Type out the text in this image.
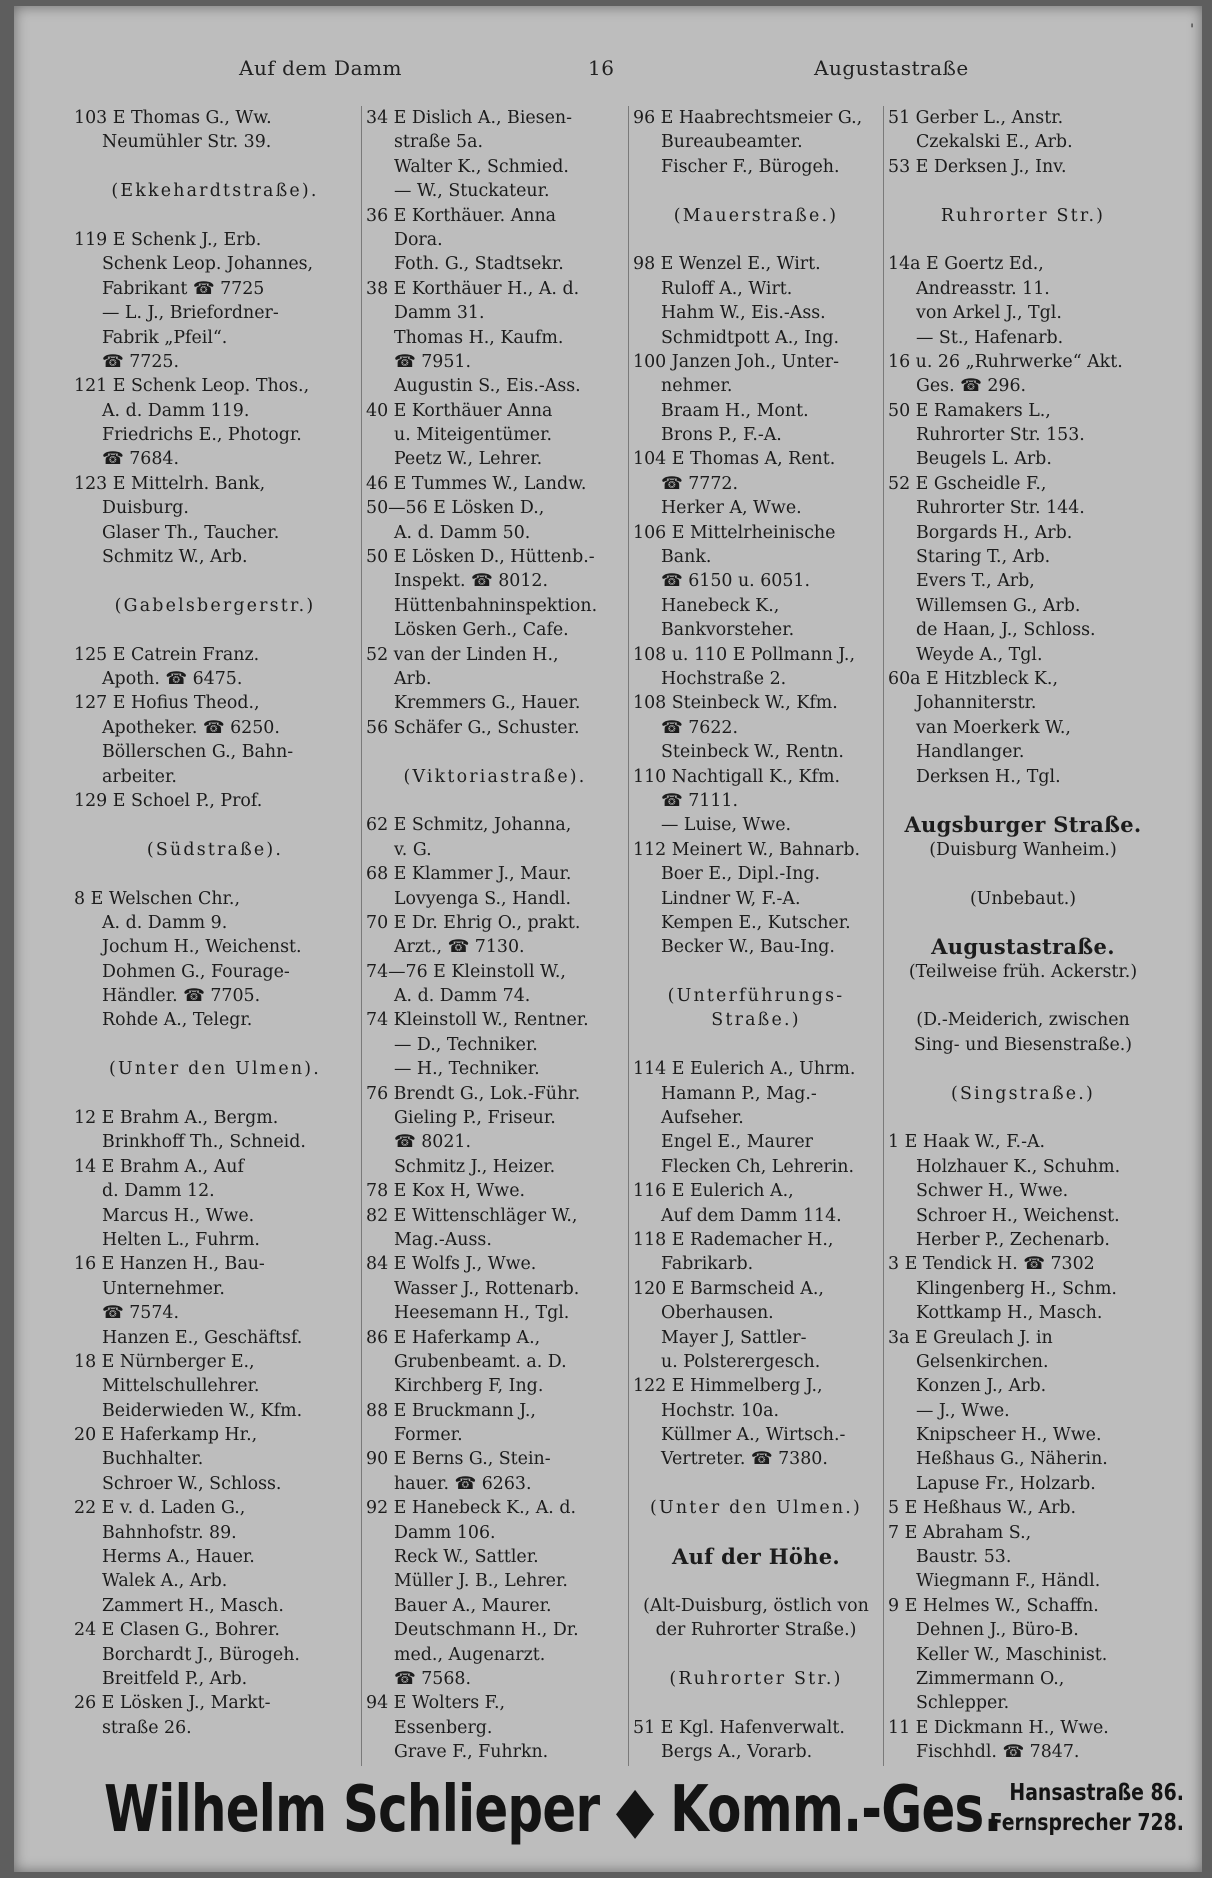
'
Auf dem Damm	16	Augustastraße
103 E Thomas G., Ww.
Neumühler Str. 39.
(Ekkehardtstraße).
119 E Schenk J., Erb.
Schenk Leop. Johannes,
Fabrikant ☎ 7725
— L. J., Briefordner-
Fabrik „Pfeil“.
☎ 7725.
121 E Schenk Leop. Thos.,
A. d. Damm 119.
Friedrichs E., Photogr.
☎ 7684.
123 E Mittelrh. Bank,
Duisburg.
Glaser Th., Taucher.
Schmitz W., Arb.
(Gabelsbergerstr.)
125 E Catrein Franz.
Apoth. ☎ 6475.
127 E Hofius Theod.,
Apotheker. ☎ 6250.
Böllerschen G., Bahn-
arbeiter.
129 E Schoel P., Prof.
(Südstraße).
8 E Welschen Chr.,
A. d. Damm 9.
Jochum H., Weichenst.
Dohmen G., Fourage-
Händler. ☎ 7705.
Rohde A., Telegr.
(Unter den Ulmen).
12 E Brahm A., Bergm.
Brinkhoff Th., Schneid.
14 E Brahm A., Auf
d. Damm 12.
Marcus H., Wwe.
Helten L., Fuhrm.
16 E Hanzen H., Bau-
Unternehmer.
☎ 7574.
Hanzen E., Geschäftsf.
18 E Nürnberger E.,
Mittelschullehrer.
Beiderwieden W., Kfm.
20 E Haferkamp Hr.,
Buchhalter.
Schroer W., Schloss.
22 E v. d. Laden G.,
Bahnhofstr. 89.
Herms A., Hauer.
Walek A., Arb.
Zammert H., Masch.
24 E Clasen G., Bohrer.
Borchardt J., Bürogeh.
Breitfeld P., Arb.
26 E Lösken J., Markt-
straße 26.
34 E Dislich A., Biesen-
straße 5a.
Walter K., Schmied.
— W., Stuckateur.
36 E Korthäuer. Anna
Dora.
Foth. G., Stadtsekr.
38 E Korthäuer H., A. d.
Damm 31.
Thomas H., Kaufm.
☎ 7951.
Augustin S., Eis.-Ass.
40 E Korthäuer Anna
u. Miteigentümer.
Peetz W., Lehrer.
46 E Tummes W., Landw.
50—56 E Lösken D.,
A. d. Damm 50.
50 E Lösken D., Hüttenb.-
Inspekt. ☎ 8012.
Hüttenbahninspektion.
Lösken Gerh., Cafe.
52 van der Linden H.,
Arb.
Kremmers G., Hauer.
56 Schäfer G., Schuster.
(Viktoriastraße).
62 E Schmitz, Johanna,
v. G.
68 E Klammer J., Maur.
Lovyenga S., Handl.
70 E Dr. Ehrig O., prakt.
Arzt., ☎ 7130.
74—76 E Kleinstoll W.,
A. d. Damm 74.
74 Kleinstoll W., Rentner.
— D., Techniker.
— H., Techniker.
76 Brendt G., Lok.-Führ.
Gieling P., Friseur.
☎ 8021.
Schmitz J., Heizer.
78 E Kox H, Wwe.
82 E Wittenschläger W.,
Mag.-Auss.
84 E Wolfs J., Wwe.
Wasser J., Rottenarb.
Heesemann H., Tgl.
86 E Haferkamp A.,
Grubenbeamt. a. D.
Kirchberg F, Ing.
88 E Bruckmann J.,
Former.
90 E Berns G., Stein-
hauer. ☎ 6263.
92 E Hanebeck K., A. d.
Damm 106.
Reck W., Sattler.
Müller J. B., Lehrer.
Bauer A., Maurer.
Deutschmann H., Dr.
med., Augenarzt.
☎ 7568.
94 E Wolters F.,
Essenberg.
Grave F., Fuhrkn.
96 E Haabrechtsmeier G.,
Bureaubeamter.
Fischer F., Bürogeh.
(Mauerstraße.)
98 E Wenzel E., Wirt.
Ruloff A., Wirt.
Hahm W., Eis.-Ass.
Schmidtpott A., Ing.
100 Janzen Joh., Unter-
nehmer.
Braam H., Mont.
Brons P., F.-A.
104 E Thomas A, Rent.
☎ 7772.
Herker A, Wwe.
106 E Mittelrheinische
Bank.
☎ 6150 u. 6051.
Hanebeck K.,
Bankvorsteher.
108 u. 110 E Pollmann J.,
Hochstraße 2.
108 Steinbeck W., Kfm.
☎ 7622.
Steinbeck W., Rentn.
110 Nachtigall K., Kfm.
☎ 7111.
— Luise, Wwe.
112 Meinert W., Bahnarb.
Boer E., Dipl.-Ing.
Lindner W, F.-A.
Kempen E., Kutscher.
Becker W., Bau-Ing.
(Unterführungs-
Straße.)
114 E Eulerich A., Uhrm.
Hamann P., Mag.-
Aufseher.
Engel E., Maurer
Flecken Ch, Lehrerin.
116 E Eulerich A.,
Auf dem Damm 114.
118 E Rademacher H.,
Fabrikarb.
120 E Barmscheid A.,
Oberhausen.
Mayer J, Sattler-
u. Polsterergesch.
122 E Himmelberg J.,
Hochstr. 10a.
Küllmer A., Wirtsch.-
Vertreter. ☎ 7380.
(Unter den Ulmen.)
Auf der Höhe.
(Alt-Duisburg, östlich von
der Ruhrorter Straße.)
(Ruhrorter Str.)
51 E Kgl. Hafenverwalt.
Bergs A., Vorarb.
51 Gerber L., Anstr.
Czekalski E., Arb.
53 E Derksen J., Inv.
Ruhrorter Str.)
14a E Goertz Ed.,
Andreasstr. 11.
von Arkel J., Tgl.
— St., Hafenarb.
16 u. 26 „Ruhrwerke“ Akt.
Ges. ☎ 296.
50 E Ramakers L.,
Ruhrorter Str. 153.
Beugels L. Arb.
52 E Gscheidle F.,
Ruhrorter Str. 144.
Borgards H., Arb.
Staring T., Arb.
Evers T., Arb,
Willemsen G., Arb.
de Haan, J., Schloss.
Weyde A., Tgl.
60a E Hitzbleck K.,
Johanniterstr.
van Moerkerk W.,
Handlanger.
Derksen H., Tgl.
Augsburger Straße.
(Duisburg Wanheim.)
(Unbebaut.)
Augustastraße.
(Teilweise früh. Ackerstr.)
(D.-Meiderich, zwischen
Sing- und Biesenstraße.)
(Singstraße.)
1 E Haak W., F.-A.
Holzhauer K., Schuhm.
Schwer H., Wwe.
Schroer H., Weichenst.
Herber P., Zechenarb.
3 E Tendick H. ☎ 7302
Klingenberg H., Schm.
Kottkamp H., Masch.
3a E Greulach J. in
Gelsenkirchen.
Konzen J., Arb.
— J., Wwe.
Knipscheer H., Wwe.
Heßhaus G., Näherin.
Lapuse Fr., Holzarb.
5 E Heßhaus W., Arb.
7 E Abraham S.,
Baustr. 53.
Wiegmann F., Händl.
9 E Helmes W., Schaffn.
Dehnen J., Büro-B.
Keller W., Maschinist.
Zimmermann O.,
Schlepper.
11 E Dickmann H., Wwe.
Fischhdl. ☎ 7847.
Wilhelm Schlieper ◆ Komm.-Ges. Hansastraße 86.
Fernsprecher 728.
